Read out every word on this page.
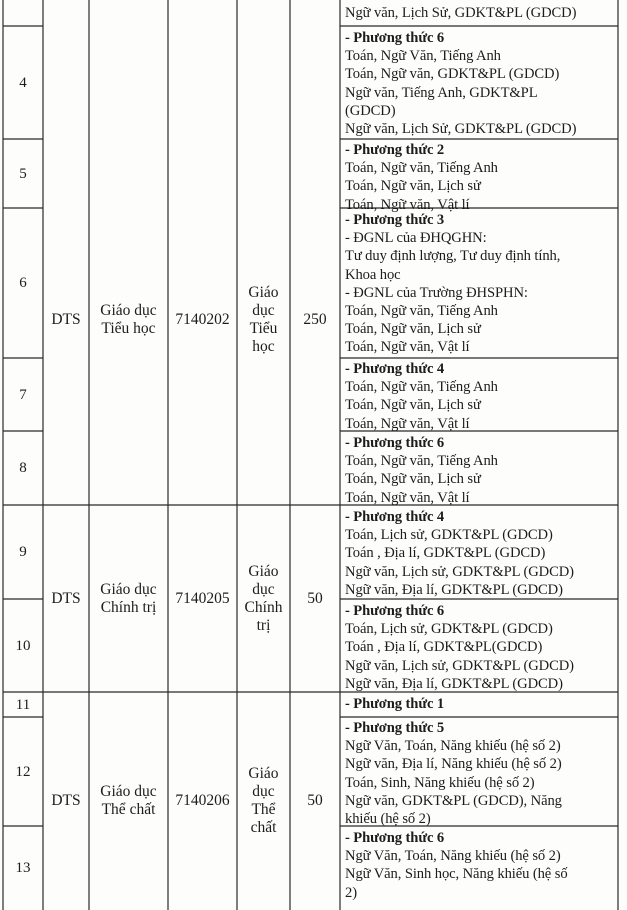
4
5
6
7
8
9
10
11
12
13
DTS
Giáo dục
Tiểu học
7140202
Giáo
dục
Tiểu
học
250
DTS
Giáo dục
Chính trị
7140205
Giáo
dục
Chính
trị
50
DTS
Giáo dục
Thể chất
7140206
Giáo
dục
Thể
chất
50
Ngữ văn, Lịch Sử, GDKT&PL (GDCD)
- Phương thức 6
Toán, Ngữ Văn, Tiếng Anh
Toán, Ngữ văn, GDKT&PL (GDCD)
Ngữ văn, Tiếng Anh, GDKT&PL
(GDCD)
Ngữ văn, Lịch Sử, GDKT&PL (GDCD)
- Phương thức 2
Toán, Ngữ văn, Tiếng Anh
Toán, Ngữ văn, Lịch sử
Toán, Ngữ văn, Vật lí
- Phương thức 3
- ĐGNL của ĐHQGHN:
Tư duy định lượng, Tư duy định tính,
Khoa học
- ĐGNL của Trường ĐHSPHN:
Toán, Ngữ văn, Tiếng Anh
Toán, Ngữ văn, Lịch sử
Toán, Ngữ văn, Vật lí
- Phương thức 4
Toán, Ngữ văn, Tiếng Anh
Toán, Ngữ văn, Lịch sử
Toán, Ngữ văn, Vật lí
- Phương thức 6
Toán, Ngữ văn, Tiếng Anh
Toán, Ngữ văn, Lịch sử
Toán, Ngữ văn, Vật lí
- Phương thức 4
Toán, Lịch sử, GDKT&PL (GDCD)
Toán , Địa lí, GDKT&PL (GDCD)
Ngữ văn, Lịch sử, GDKT&PL (GDCD)
Ngữ văn, Địa lí, GDKT&PL (GDCD)
- Phương thức 6
Toán, Lịch sử, GDKT&PL (GDCD)
Toán , Địa lí, GDKT&PL(GDCD)
Ngữ văn, Lịch sử, GDKT&PL (GDCD)
Ngữ văn, Địa lí, GDKT&PL (GDCD)
- Phương thức 1
- Phương thức 5
Ngữ Văn, Toán, Năng khiếu (hệ số 2)
Ngữ văn, Địa lí, Năng khiếu (hệ số 2)
Toán, Sinh, Năng khiếu (hệ số 2)
Ngữ văn, GDKT&PL (GDCD), Năng
khiếu (hệ số 2)
- Phương thức 6
Ngữ Văn, Toán, Năng khiếu (hệ số 2)
Ngữ Văn, Sinh học, Năng khiếu (hệ số
2)
